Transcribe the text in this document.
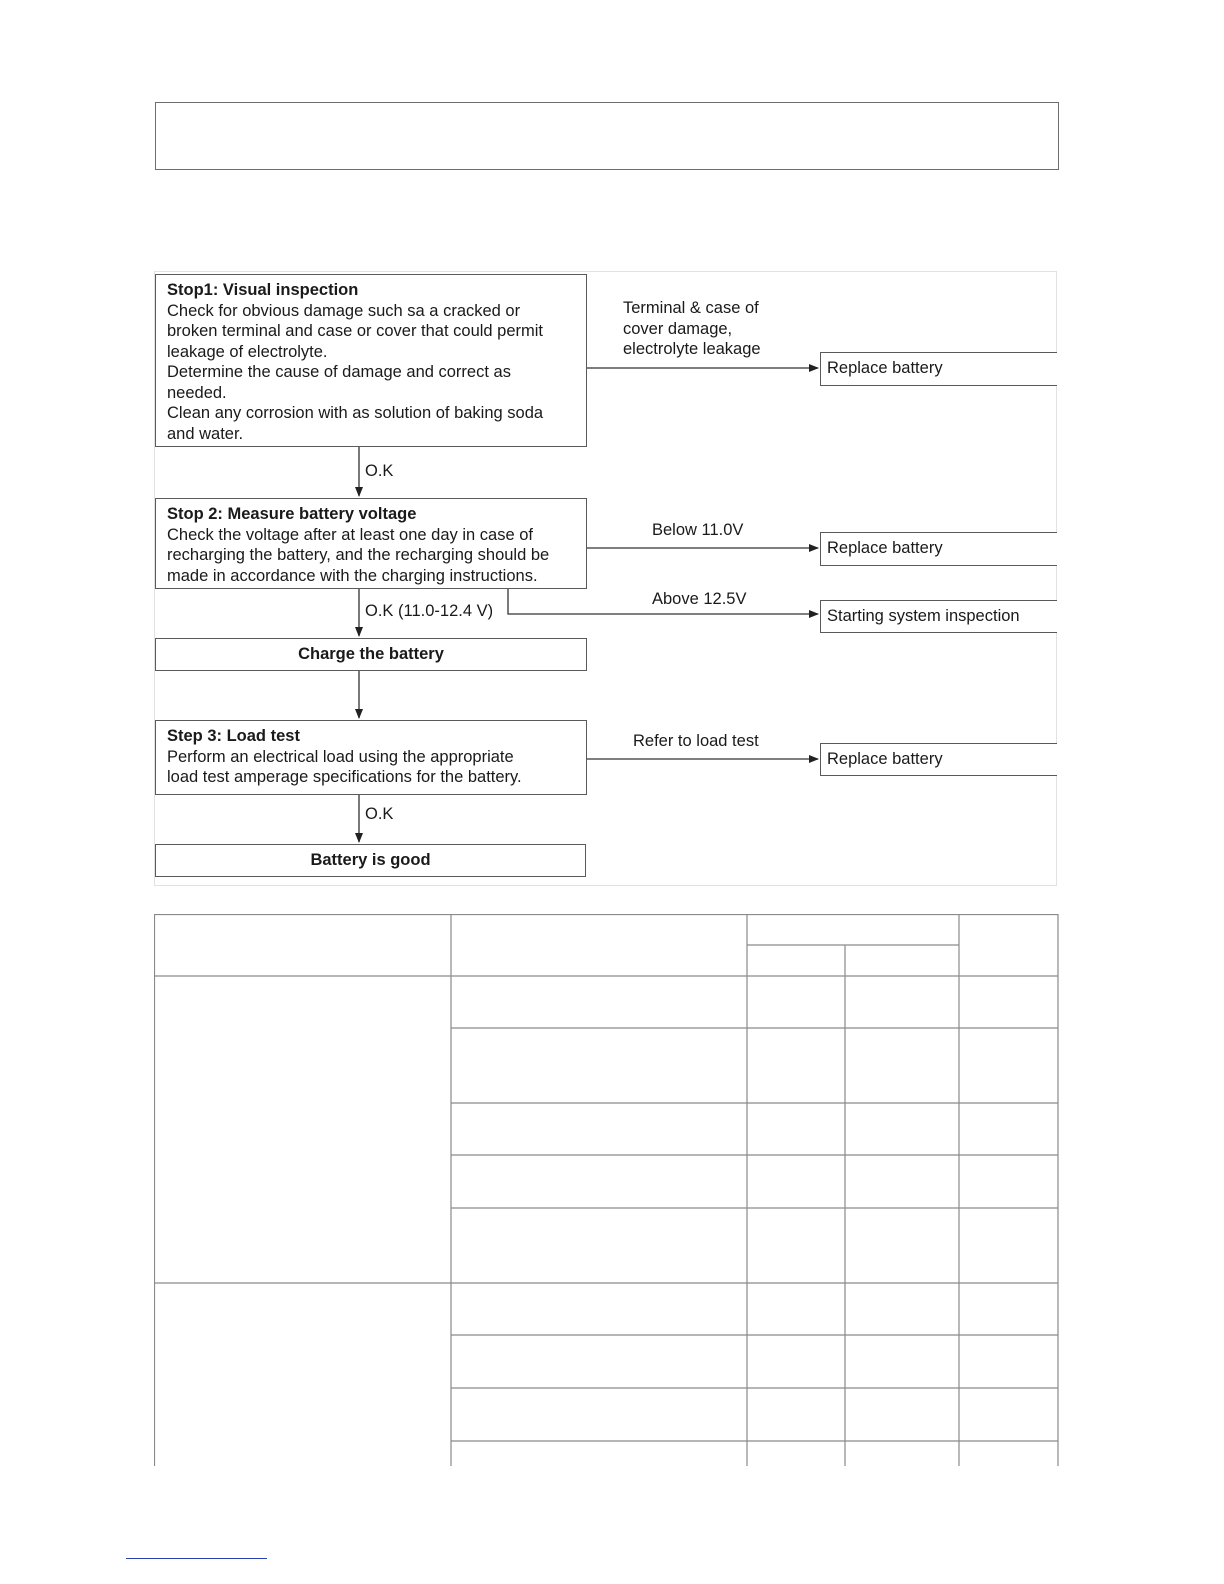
Stop1: Visual inspection
Check for obvious damage such sa a cracked or
broken terminal and case or cover that could permit
leakage of electrolyte.
Determine the cause of damage and correct as
needed.
Clean any corrosion with as solution of baking soda
and water.
Terminal & case of
cover damage,
electrolyte leakage
Replace battery
O.K
Stop 2: Measure battery voltage
Check the voltage after at least one day in case of
recharging the battery, and the recharging should be
made in accordance with the charging instructions.
Below 11.0V
Replace battery
Above 12.5V
Starting system inspection
O.K (11.0-12.4 V)
Charge the battery
Step 3: Load test
Perform an electrical load using the appropriate
load test amperage specifications for the battery.
Refer to load test
Replace battery
O.K
Battery is good
